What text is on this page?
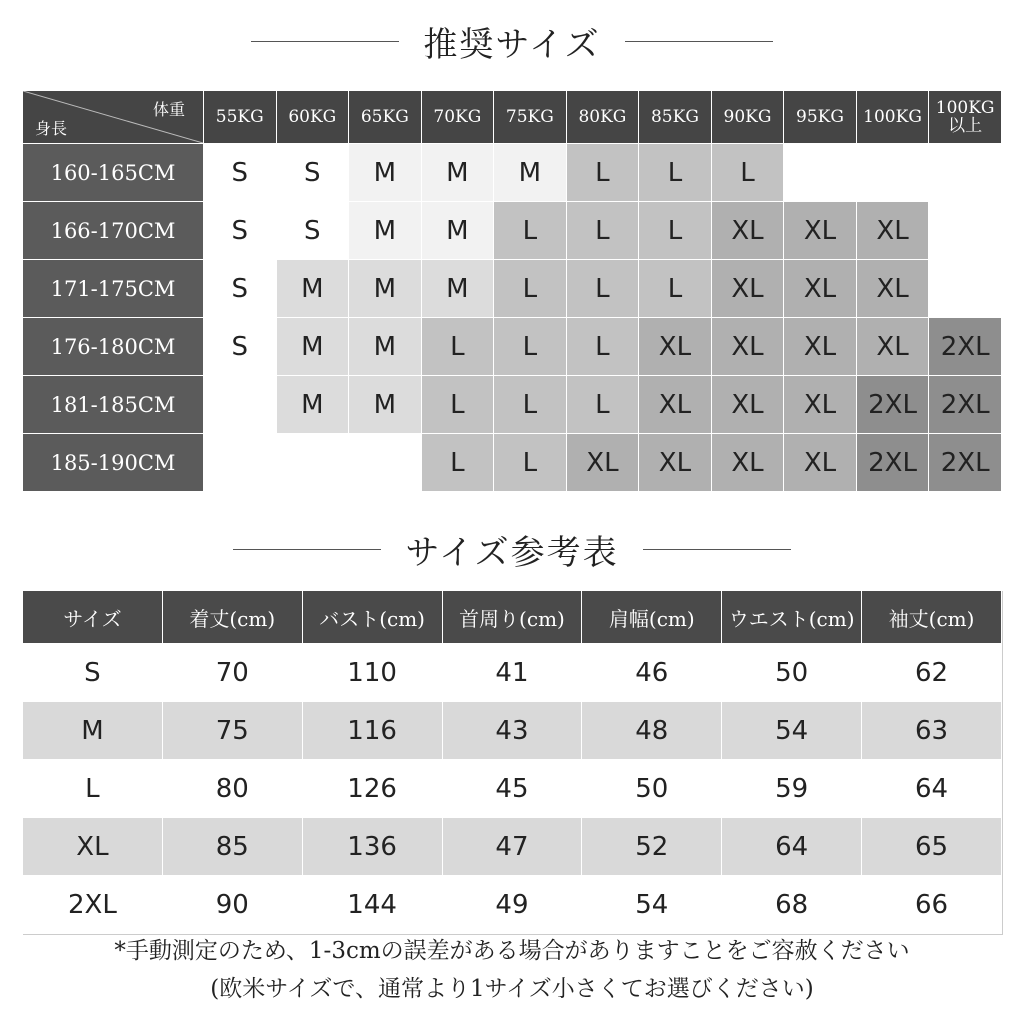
推奨サイズ
体重
身長	55KG	60KG	65KG	70KG	75KG	80KG	85KG	90KG	95KG	100KG	100KG
以上
160-165CM	S	S	M	M	M	L	L	L			
166-170CM	S	S	M	M	L	L	L	XL	XL	XL	
171-175CM	S	M	M	M	L	L	L	XL	XL	XL	
176-180CM	S	M	M	L	L	L	XL	XL	XL	XL	2XL
181-185CM		M	M	L	L	L	XL	XL	XL	2XL	2XL
185-190CM				L	L	XL	XL	XL	XL	2XL	2XL
サイズ参考表
サイズ	着丈(cm)	バスト(cm)	首周り(cm)	肩幅(cm)	ウエスト(cm)	袖丈(cm)
S	70	110	41	46	50	62
M	75	116	43	48	54	63
L	80	126	45	50	59	64
XL	85	136	47	52	64	65
2XL	90	144	49	54	68	66
*手動測定のため、1-3cmの誤差がある場合がありますことをご容赦ください
(欧米サイズで、通常より1サイズ小さくてお選びください)
